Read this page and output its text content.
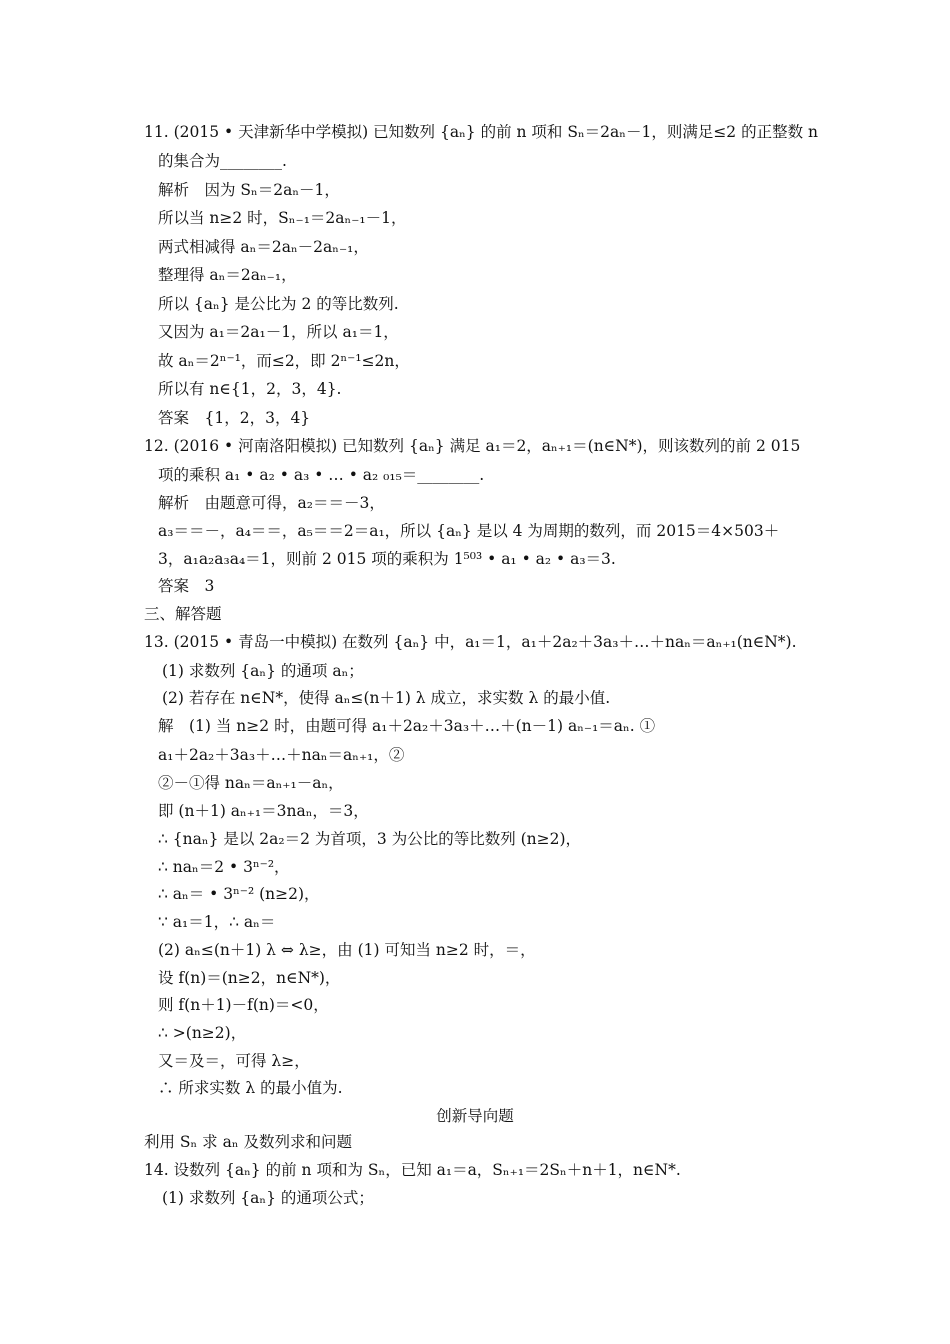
11. (2015 • 天津新华中学模拟) 已知数列 {aₙ} 的前 n 项和 Sₙ＝2aₙ－1，则满足≤2 的正整数 n
的集合为________.
解析　因为 Sₙ＝2aₙ－1，
所以当 n≥2 时，Sₙ₋₁＝2aₙ₋₁－1，
两式相减得 aₙ＝2aₙ－2aₙ₋₁，
整理得 aₙ＝2aₙ₋₁，
所以 {aₙ} 是公比为 2 的等比数列.
又因为 a₁＝2a₁－1，所以 a₁＝1，
故 aₙ＝2ⁿ⁻¹，而≤2，即 2ⁿ⁻¹≤2n，
所以有 n∈{1，2，3，4}.
答案　{1，2，3，4}
12. (2016 • 河南洛阳模拟) 已知数列 {aₙ} 满足 a₁＝2，aₙ₊₁＝(n∈N*)，则该数列的前 2 015
项的乘积 a₁ • a₂ • a₃ • … • a₂ ₀₁₅＝________.
解析　由题意可得，a₂＝＝－3，
a₃＝＝－，a₄＝＝，a₅＝＝2＝a₁，所以 {aₙ} 是以 4 为周期的数列，而 2015＝4×503＋
3，a₁a₂a₃a₄＝1，则前 2 015 项的乘积为 1⁵⁰³ • a₁ • a₂ • a₃＝3.
答案　3
三、解答题
13. (2015 • 青岛一中模拟) 在数列 {aₙ} 中，a₁＝1，a₁＋2a₂＋3a₃＋…＋naₙ＝aₙ₊₁(n∈N*).
(1) 求数列 {aₙ} 的通项 aₙ；
(2) 若存在 n∈N*，使得 aₙ≤(n＋1) λ 成立，求实数 λ 的最小值.
解　(1) 当 n≥2 时，由题可得 a₁＋2a₂＋3a₃＋…＋(n－1) aₙ₋₁＝aₙ. ①
a₁＋2a₂＋3a₃＋…＋naₙ＝aₙ₊₁，②
②－①得 naₙ＝aₙ₊₁－aₙ，
即 (n＋1) aₙ₊₁＝3naₙ，＝3，
∴ {naₙ} 是以 2a₂＝2 为首项，3 为公比的等比数列 (n≥2)，
∴ naₙ＝2 • 3ⁿ⁻²，
∴ aₙ＝ • 3ⁿ⁻² (n≥2)，
∵ a₁＝1，∴ aₙ＝
(2) aₙ≤(n＋1) λ ⇔ λ≥，由 (1) 可知当 n≥2 时，＝，
设 f(n)＝(n≥2，n∈N*)，
则 f(n＋1)－f(n)＝<0，
∴ >(n≥2)，
又＝及＝，可得 λ≥，
∴ 所求实数 λ 的最小值为.
创新导向题
利用 Sₙ 求 aₙ 及数列求和问题
14. 设数列 {aₙ} 的前 n 项和为 Sₙ，已知 a₁＝a，Sₙ₊₁＝2Sₙ＋n＋1，n∈N*.
(1) 求数列 {aₙ} 的通项公式；
